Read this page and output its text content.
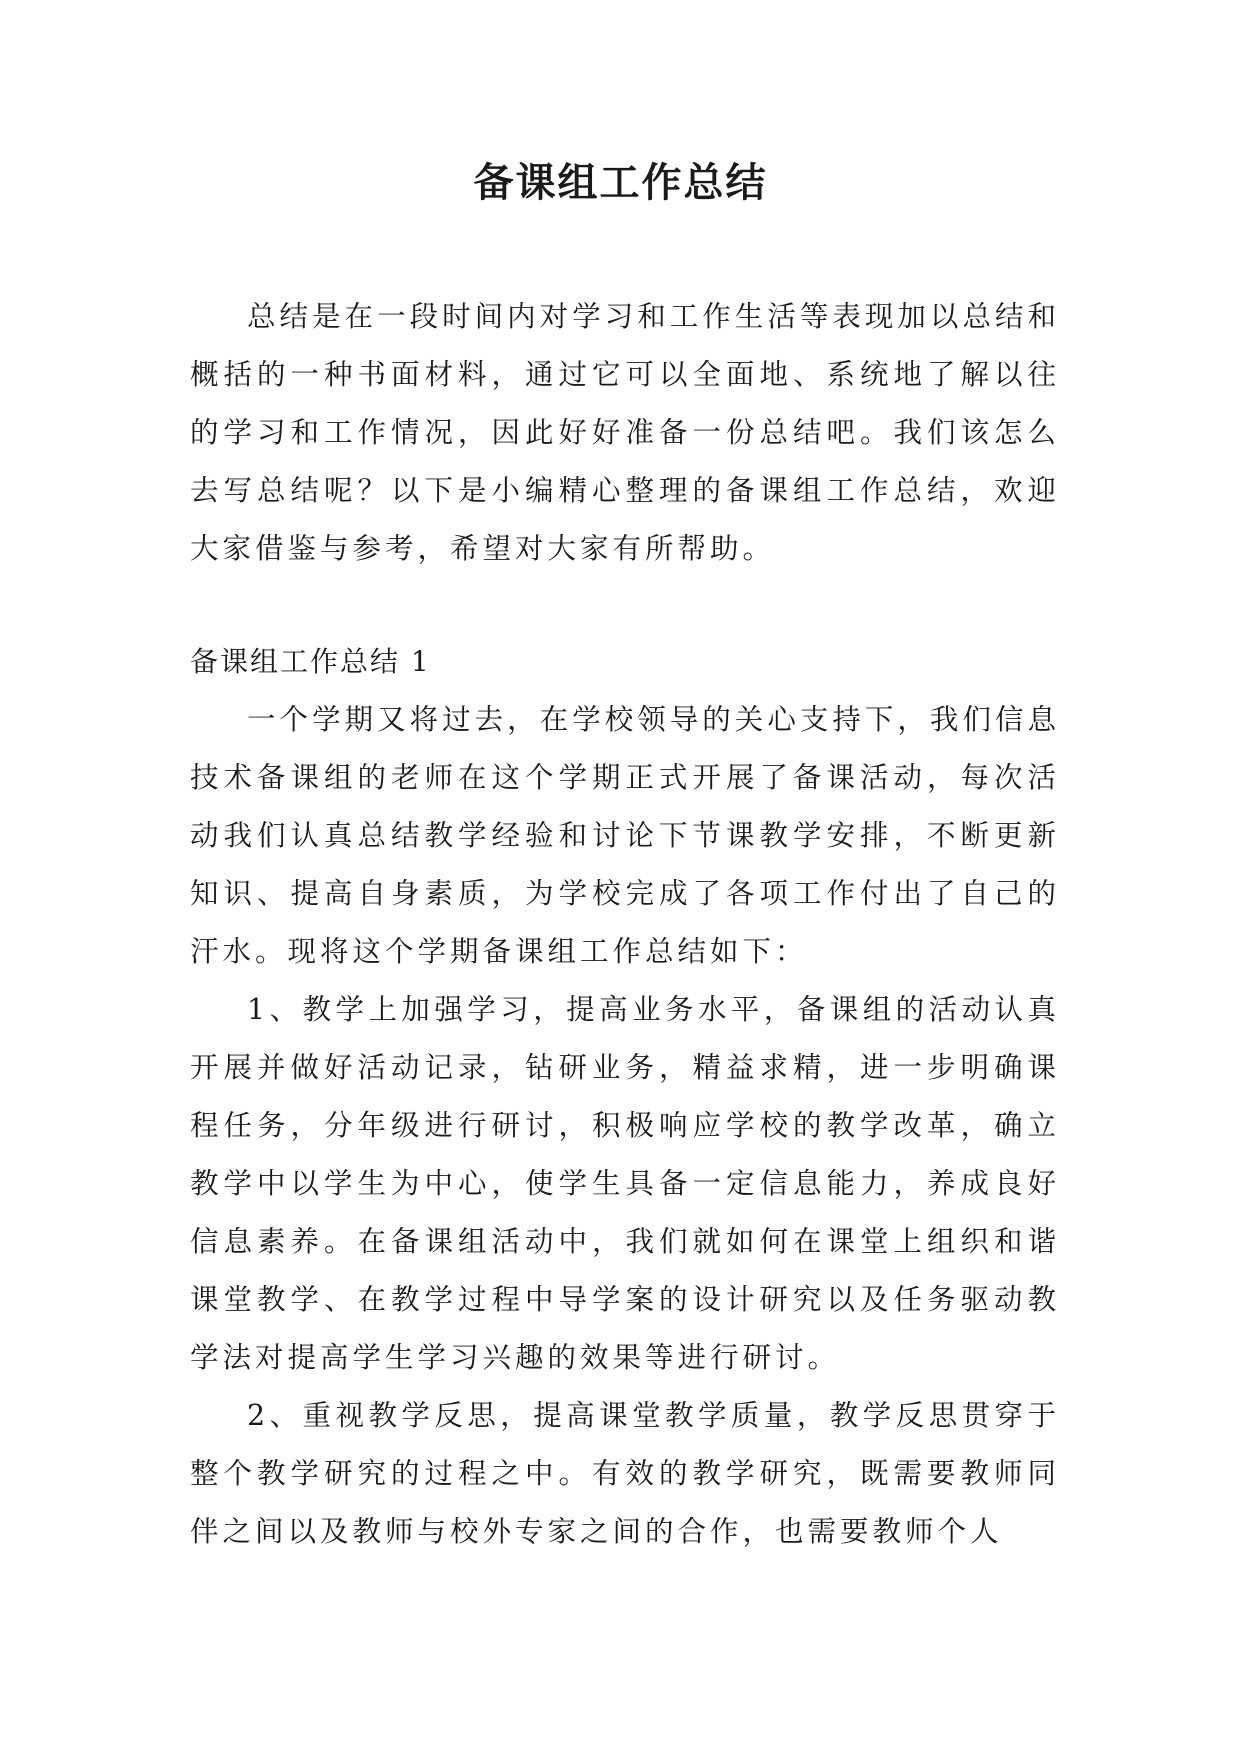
备课组工作总结

总结是在一段时间内对学习和工作生活等表现加以总结和概括的一种书面材料，通过它可以全面地、系统地了解以往的学习和工作情况，因此好好准备一份总结吧。我们该怎么去写总结呢？以下是小编精心整理的备课组工作总结，欢迎大家借鉴与参考，希望对大家有所帮助。

备课组工作总结 1

一个学期又将过去，在学校领导的关心支持下，我们信息技术备课组的老师在这个学期正式开展了备课活动，每次活动我们认真总结教学经验和讨论下节课教学安排，不断更新知识、提高自身素质，为学校完成了各项工作付出了自己的汗水。现将这个学期备课组工作总结如下：

1、教学上加强学习，提高业务水平，备课组的活动认真开展并做好活动记录，钻研业务，精益求精，进一步明确课程任务，分年级进行研讨，积极响应学校的教学改革，确立教学中以学生为中心，使学生具备一定信息能力，养成良好信息素养。在备课组活动中，我们就如何在课堂上组织和谐课堂教学、在教学过程中导学案的设计研究以及任务驱动教学法对提高学生学习兴趣的效果等进行研讨。

2、重视教学反思，提高课堂教学质量，教学反思贯穿于整个教学研究的过程之中。有效的教学研究，既需要教师同伴之间以及教师与校外专家之间的合作，也需要教师个人
